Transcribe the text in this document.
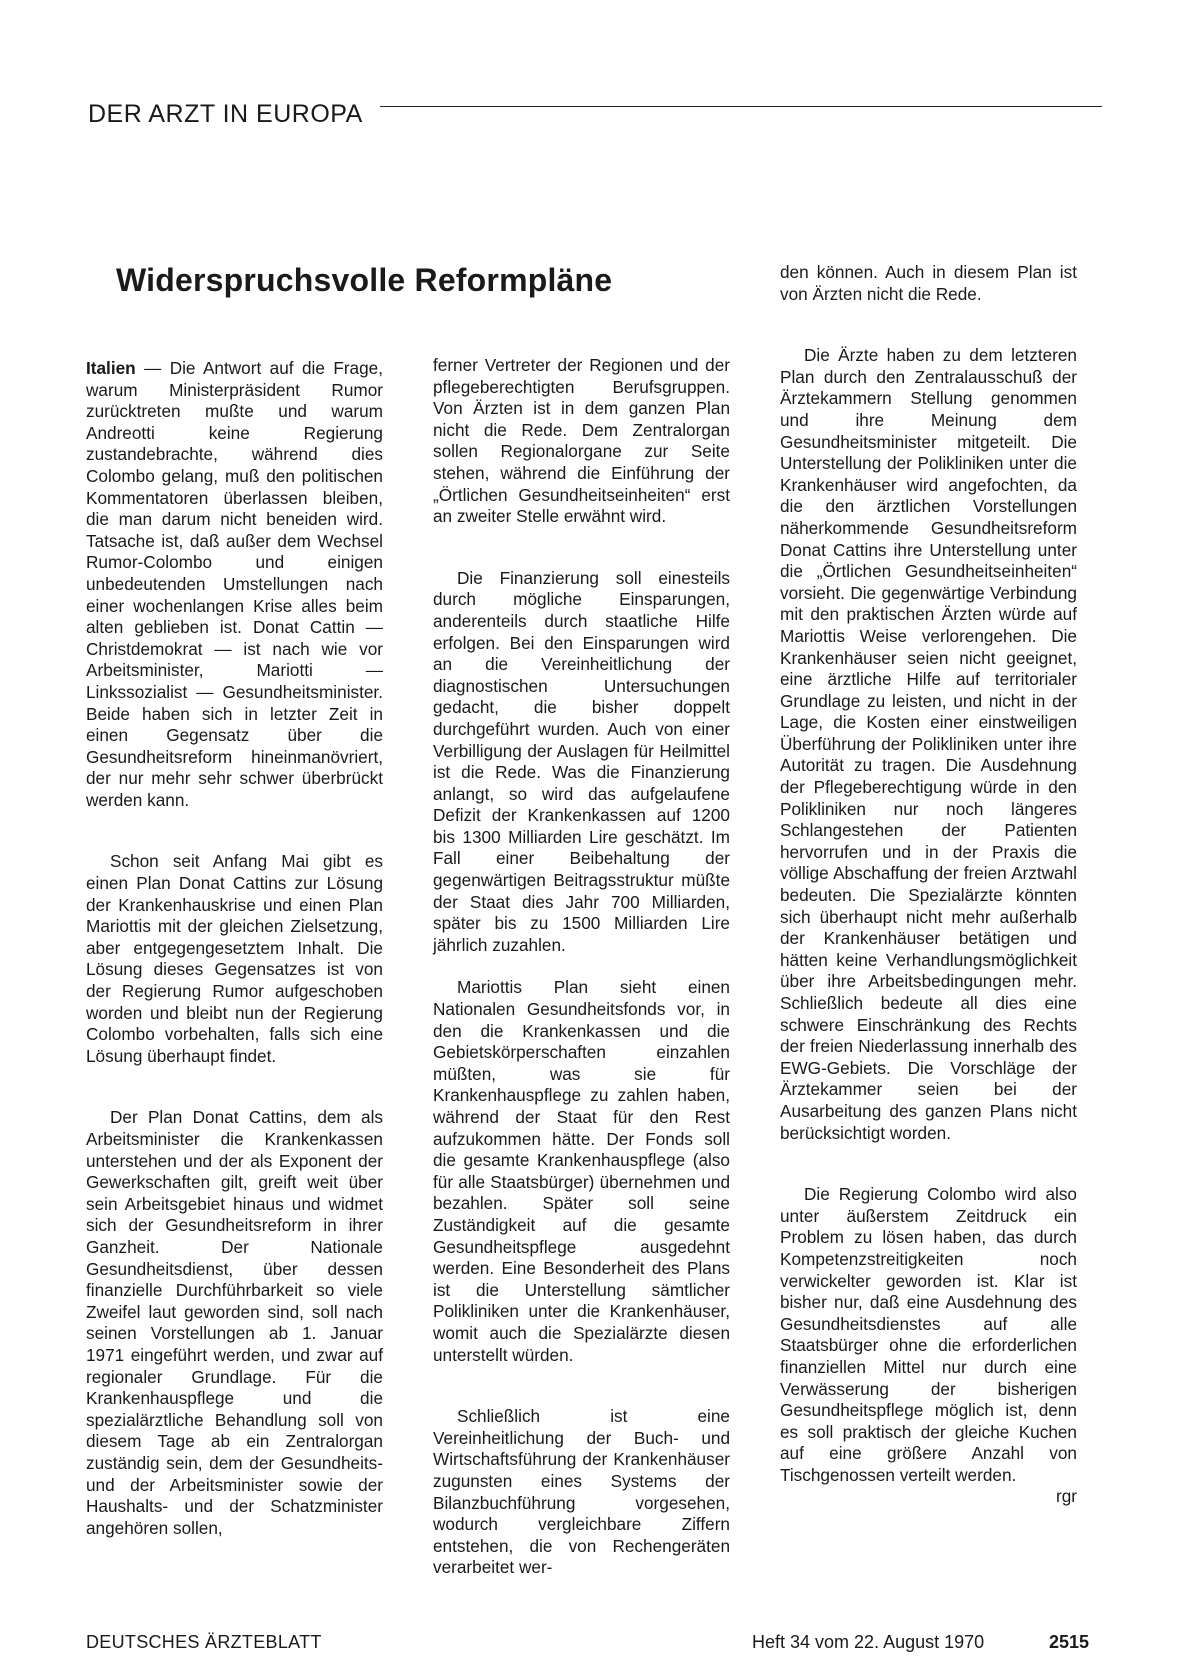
DER ARZT IN EUROPA
Widerspruchsvolle Reformpläne

Italien — Die Antwort auf die Frage, warum Ministerpräsident Rumor zurücktreten mußte und warum Andreotti keine Regierung zustandebrachte, während dies Colombo gelang, muß den politischen Kommentatoren überlassen bleiben, die man darum nicht beneiden wird. Tatsache ist, daß außer dem Wechsel Rumor-Colombo und einigen unbedeutenden Umstellungen nach einer wochenlangen Krise alles beim alten geblieben ist. Donat Cattin — Christdemokrat — ist nach wie vor Arbeitsminister, Mariotti — Linkssozialist — Gesundheitsminister. Beide haben sich in letzter Zeit in einen Gegensatz über die Gesundheitsreform hineinmanövriert, der nur mehr sehr schwer überbrückt werden kann.

Schon seit Anfang Mai gibt es einen Plan Donat Cattins zur Lösung der Krankenhauskrise und einen Plan Mariottis mit der gleichen Zielsetzung, aber entgegengesetztem Inhalt. Die Lösung dieses Gegensatzes ist von der Regierung Rumor aufgeschoben worden und bleibt nun der Regierung Colombo vorbehalten, falls sich eine Lösung überhaupt findet.

Der Plan Donat Cattins, dem als Arbeitsminister die Krankenkassen unterstehen und der als Exponent der Gewerkschaften gilt, greift weit über sein Arbeitsgebiet hinaus und widmet sich der Gesundheitsreform in ihrer Ganzheit. Der Nationale Gesundheitsdienst, über dessen finanzielle Durchführbarkeit so viele Zweifel laut geworden sind, soll nach seinen Vorstellungen ab 1. Januar 1971 eingeführt werden, und zwar auf regionaler Grundlage. Für die Krankenhauspflege und die spezialärztliche Behandlung soll von diesem Tage ab ein Zentralorgan zuständig sein, dem der Gesundheits- und der Arbeitsminister sowie der Haushalts- und der Schatzminister angehören sollen,

ferner Vertreter der Regionen und der pflegeberechtigten Berufsgruppen. Von Ärzten ist in dem ganzen Plan nicht die Rede. Dem Zentralorgan sollen Regionalorgane zur Seite stehen, während die Einführung der „Örtlichen Gesundheitseinheiten“ erst an zweiter Stelle erwähnt wird.

Die Finanzierung soll einesteils durch mögliche Einsparungen, anderenteils durch staatliche Hilfe erfolgen. Bei den Einsparungen wird an die Vereinheitlichung der diagnostischen Untersuchungen gedacht, die bisher doppelt durchgeführt wurden. Auch von einer Verbilligung der Auslagen für Heilmittel ist die Rede. Was die Finanzierung anlangt, so wird das aufgelaufene Defizit der Krankenkassen auf 1200 bis 1300 Milliarden Lire geschätzt. Im Fall einer Beibehaltung der gegenwärtigen Beitragsstruktur müßte der Staat dies Jahr 700 Milliarden, später bis zu 1500 Milliarden Lire jährlich zuzahlen.

Mariottis Plan sieht einen Nationalen Gesundheitsfonds vor, in den die Krankenkassen und die Gebietskörperschaften einzahlen müßten, was sie für Krankenhauspflege zu zahlen haben, während der Staat für den Rest aufzukommen hätte. Der Fonds soll die gesamte Krankenhauspflege (also für alle Staatsbürger) übernehmen und bezahlen. Später soll seine Zuständigkeit auf die gesamte Gesundheitspflege ausgedehnt werden. Eine Besonderheit des Plans ist die Unterstellung sämtlicher Polikliniken unter die Krankenhäuser, womit auch die Spezialärzte diesen unterstellt würden.

Schließlich ist eine Vereinheitlichung der Buch- und Wirtschaftsführung der Krankenhäuser zugunsten eines Systems der Bilanzbuchführung vorgesehen, wodurch vergleichbare Ziffern entstehen, die von Rechengeräten verarbeitet wer-

den können. Auch in diesem Plan ist von Ärzten nicht die Rede.

Die Ärzte haben zu dem letzteren Plan durch den Zentralausschuß der Ärztekammern Stellung genommen und ihre Meinung dem Gesundheitsminister mitgeteilt. Die Unterstellung der Polikliniken unter die Krankenhäuser wird angefochten, da die den ärztlichen Vorstellungen näherkommende Gesundheitsreform Donat Cattins ihre Unterstellung unter die „Örtlichen Gesundheitseinheiten“ vorsieht. Die gegenwärtige Verbindung mit den praktischen Ärzten würde auf Mariottis Weise verlorengehen. Die Krankenhäuser seien nicht geeignet, eine ärztliche Hilfe auf territorialer Grundlage zu leisten, und nicht in der Lage, die Kosten einer einstweiligen Überführung der Polikliniken unter ihre Autorität zu tragen. Die Ausdehnung der Pflegeberechtigung würde in den Polikliniken nur noch längeres Schlangestehen der Patienten hervorrufen und in der Praxis die völlige Abschaffung der freien Arztwahl bedeuten. Die Spezialärzte könnten sich überhaupt nicht mehr außerhalb der Krankenhäuser betätigen und hätten keine Verhandlungsmöglichkeit über ihre Arbeitsbedingungen mehr. Schließlich bedeute all dies eine schwere Einschränkung des Rechts der freien Niederlassung innerhalb des EWG-Gebiets. Die Vorschläge der Ärztekammer seien bei der Ausarbeitung des ganzen Plans nicht berücksichtigt worden.

Die Regierung Colombo wird also unter äußerstem Zeitdruck ein Problem zu lösen haben, das durch Kompetenzstreitigkeiten noch verwickelter geworden ist. Klar ist bisher nur, daß eine Ausdehnung des Gesundheitsdienstes auf alle Staatsbürger ohne die erforderlichen finanziellen Mittel nur durch eine Verwässerung der bisherigen Gesundheitspflege möglich ist, denn es soll praktisch der gleiche Kuchen auf eine größere Anzahl von Tischgenossen verteilt werden.

rgr

DEUTSCHES ÄRZTEBLATT	Heft 34 vom 22. August 1970	2515
